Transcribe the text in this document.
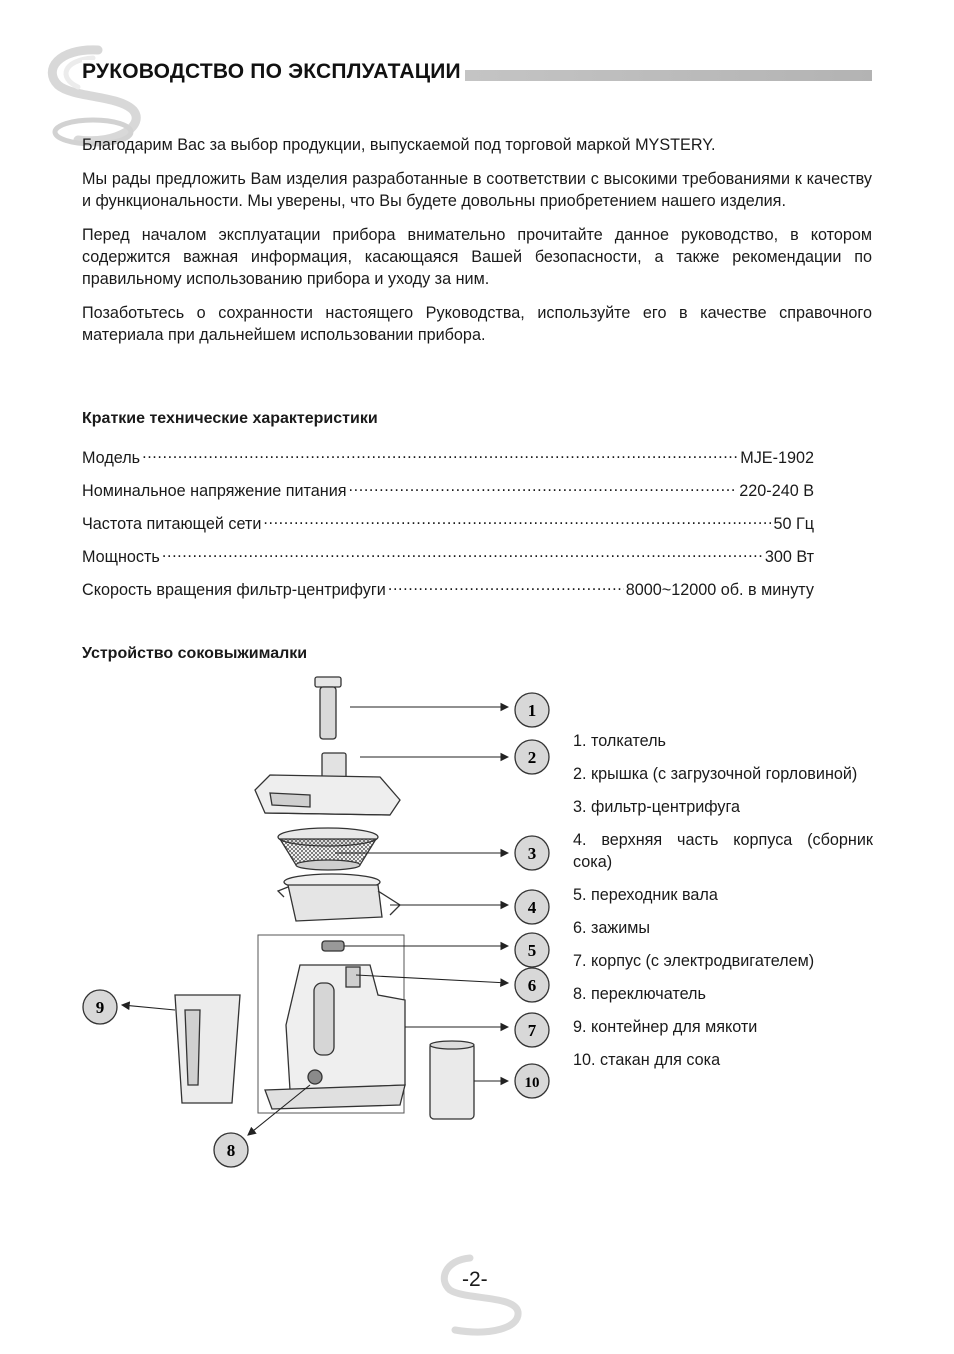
РУКОВОДСТВО ПО ЭКСПЛУАТАЦИИ

Благодарим Вас за выбор продукции, выпускаемой под торговой маркой MYSTERY.

Мы рады предложить Вам изделия разработанные в соответствии с высокими требованиями к качеству и функциональности. Мы уверены, что Вы будете довольны приобретением нашего изделия.

Перед началом эксплуатации прибора внимательно прочитайте данное руководство, в котором содержится важная информация, касающаяся Вашей безопасности, а также рекомендации по правильному использованию прибора и уходу за ним.

Позаботьтесь о сохранности настоящего Руководства, используйте его в качестве справочного материала при дальнейшем использовании прибора.

Краткие технические характеристики
Модель .....	MJE-1902
Номинальное напряжение питания .....	220-240 В
Частота питающей сети .....	50 Гц
Мощность .....	300 Вт
Скорость вращения фильтр-центрифуги .....	8000~12000 об. в минуту
Устройство соковыжималки
1
2
3
4
5
6
7
10
9
8
1. толкатель
2. крышка (с загрузочной горловиной)
3. фильтр-центрифуга
4. верхняя часть корпуса (сборник сока)
5. переходник вала
6. зажимы
7. корпус (с электродвигателем)
8. переключатель
9. контейнер для мякоти
10. стакан для сока
-2-
